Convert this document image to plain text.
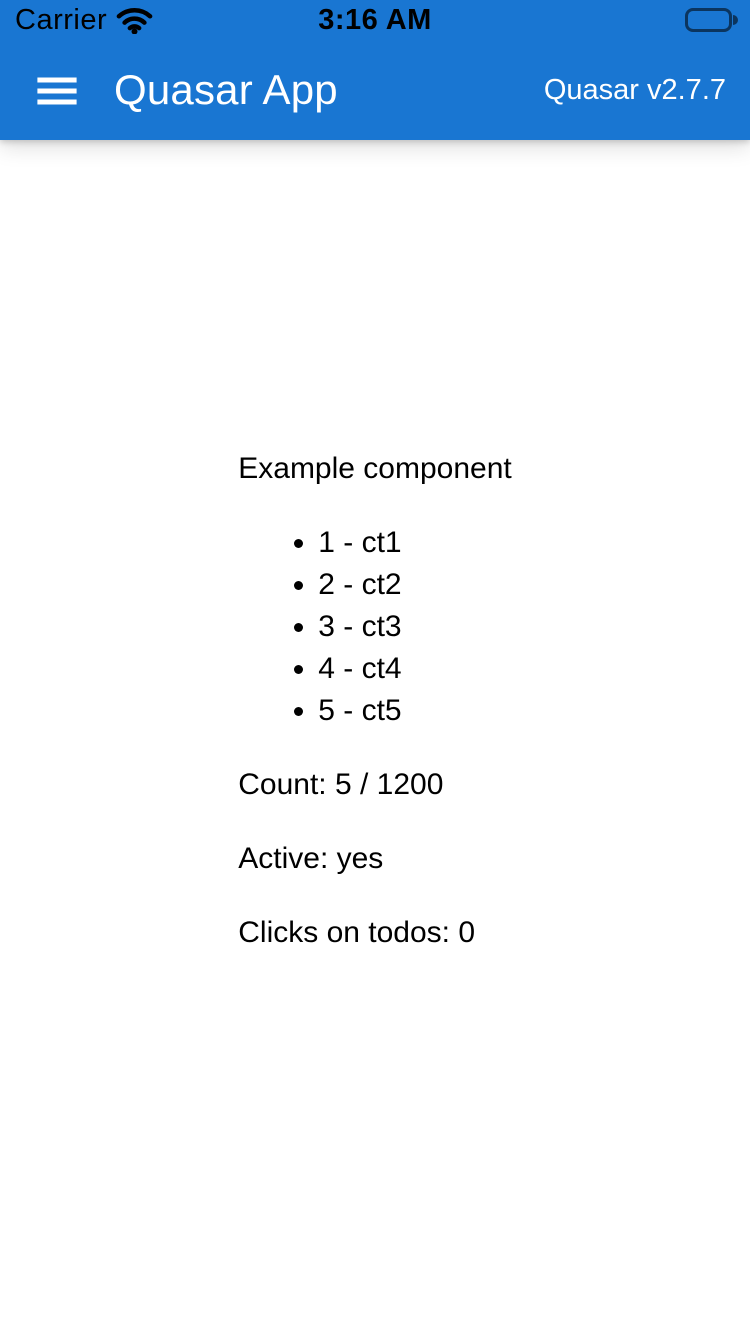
Carrier	3:16 AM
Quasar App	Quasar v2.7.7

Example component

• 1 - ct1
• 2 - ct2
• 3 - ct3
• 4 - ct4
• 5 - ct5

Count: 5 / 1200

Active: yes

Clicks on todos: 0
